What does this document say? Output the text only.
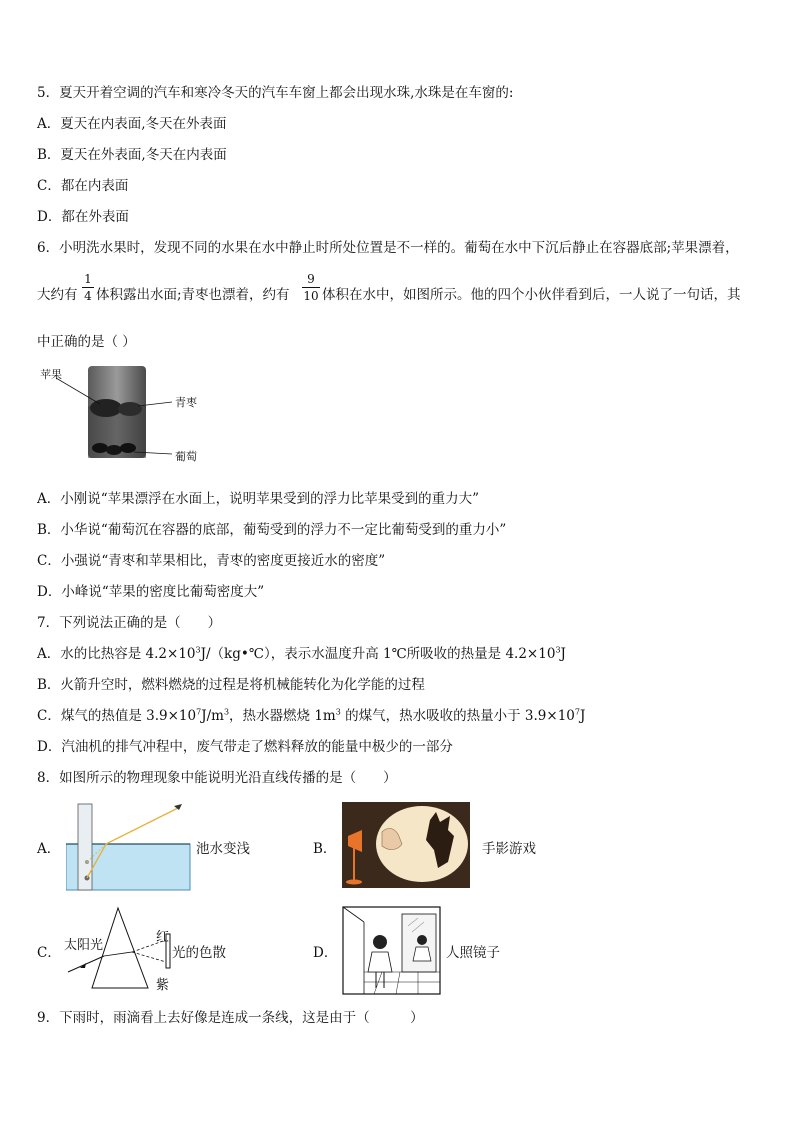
5．夏天开着空调的汽车和寒冷冬天的汽车车窗上都会出现水珠,水珠是在车窗的:
A．夏天在内表面,冬天在外表面
B．夏天在外表面,冬天在内表面
C．都在内表面
D．都在外表面
6．小明洗水果时，发现不同的水果在水中静止时所处位置是不一样的。葡萄在水中下沉后静止在容器底部;苹果漂着，
大约有
1
4 体积露出水面;青枣也漂着，约有
9
10 体积在水中，如图所示。他的四个小伙伴看到后，一人说了一句话，其
中正确的是（ ）
苹果
青枣
葡萄
A．小刚说“苹果漂浮在水面上，说明苹果受到的浮力比苹果受到的重力大”
B．小华说“葡萄沉在容器的底部，葡萄受到的浮力不一定比葡萄受到的重力小”
C．小强说“青枣和苹果相比，青枣的密度更接近水的密度”
D．小峰说“苹果的密度比葡萄密度大”
7．下列说法正确的是（　　）
A．水的比热容是 $4.2\times 10^3J/(kg•℃)$，表示水温度升高 1℃所吸收的热量是 $4.2\times 10^3J$
B．火箭升空时，燃料燃烧的过程是将机械能转化为化学能的过程
C．煤气的热值是 $3.9\times 10^7J/m^3$，热水器燃烧 $1m^3$ 的煤气，热水吸收的热量小于 $3.9\times 10^7J$
D．汽油机的排气冲程中，废气带走了燃料释放的能量中极少的一部分
8．如图所示的物理现象中能说明光沿直线传播的是（　　）
A．	池水变浅	B．	手影游戏
C． 太阳光
红
紫
光的色散	D．	人照镜子
9．下雨时，雨滴看上去好像是连成一条线，这是由于（　　　）
